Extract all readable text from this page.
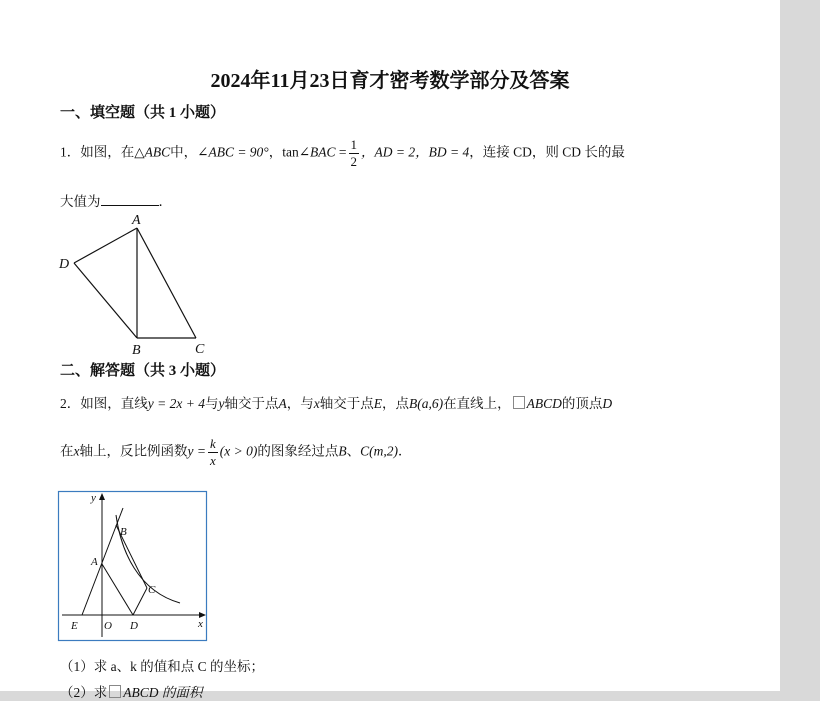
2024年11月23日育才密考数学部分及答案
一、填空题（共 1 小题）
1．如图，在△ABC中，∠ABC = 90°，tan∠BAC = $\frac{1}{2}$ ，AD = 2，BD = 4，连接 CD，则 CD 长的最
大值为	．
A
D
B	C
二、解答题（共 3 小题）
2．如图，直线y = 2x + 4与y轴交于点A，与x轴交于点E，点B(a,6)在直线上， ABCD的顶点D
在x轴上，反比例函数$y = \frac{k}{x} (x > 0)$的图象经过点B、C(m,2)．
y
x
B
A
C
E O D
（1）求 a、k 的值和点 C 的坐标；
（2）求 ABCD 的面积
